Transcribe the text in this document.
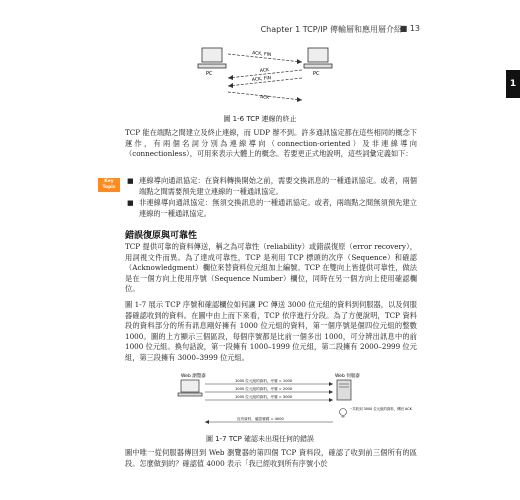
Chapter 1 TCP/IP 傳輸層和應用層介紹
■ 13
1
PC	PC
ACK, FIN
ACK
ACK, FIN
ACK
圖 1-6 TCP 連線的終止
TCP 能在端點之間建立及終止連線，而 UDP 辦不到。許多通訊協定都在這些相同的概念下運作，有兩個名詞分別為連線導向（connection-oriented）及非連線導向（connectionless），可用來表示大體上的概念。若要更正式地說明，這些詞彙定義如下：
Key Topic
■ 連線導向通訊協定：在資料轉換開始之前，需要交換訊息的一種通訊協定。或者，兩個端點之間需要預先建立連線的一種通訊協定。
■ 非連線導向通訊協定：無須交換訊息的一種通訊協定。或者，兩端點之間無須預先建立連線的一種通訊協定。
錯誤復原與可靠性
TCP 提供可靠的資料傳送，稱之為可靠性（reliability）或錯誤復原（error recovery），用詞視文件而異。為了達成可靠性，TCP 是利用 TCP 標頭的次序（Sequence）和確認（Acknowledgment）欄位來替資料位元組加上編號。TCP 在雙向上皆提供可靠性，做法是在一個方向上使用序號（Sequence Number）欄位，同時在另一個方向上使用確認欄位。
圖 1-7 展示 TCP 序號和確認欄位如何讓 PC 傳送 3000 位元組的資料到伺服器，以及伺服器確認收到的資料。在圖中由上而下來看，TCP 依序進行分段。為了方便說明，TCP 資料段的資料部分的所有訊息剛好擁有 1000 位元組的資料，第一個序號是個四位元組的整數 1000。圖的上方顯示三個區段，每個序號都是比前一個多出 1000，可分辨出訊息中的前 1000 位元組。換句話說，第一段擁有 1000–1999 位元組，第二段擁有 2000–2999 位元組，第三段擁有 3000–3999 位元組。
Web 瀏覽器	Web 伺服器
1000 位元組的資料，序號 = 1000
1000 位元組的資料，序號 = 2000
1000 位元組的資料，序號 = 3000
沒有資料，確認號碼 = 4000
一共收到 3000 位元組的資料，傳回 ACK
圖 1-7 TCP 確認未出現任何的錯誤
圖中唯一從伺服器傳回到 Web 瀏覽器的第四個 TCP 資料段，確認了收到前三個所有的區段。怎麼做到的？確認值 4000 表示「我已經收到所有序號小於
